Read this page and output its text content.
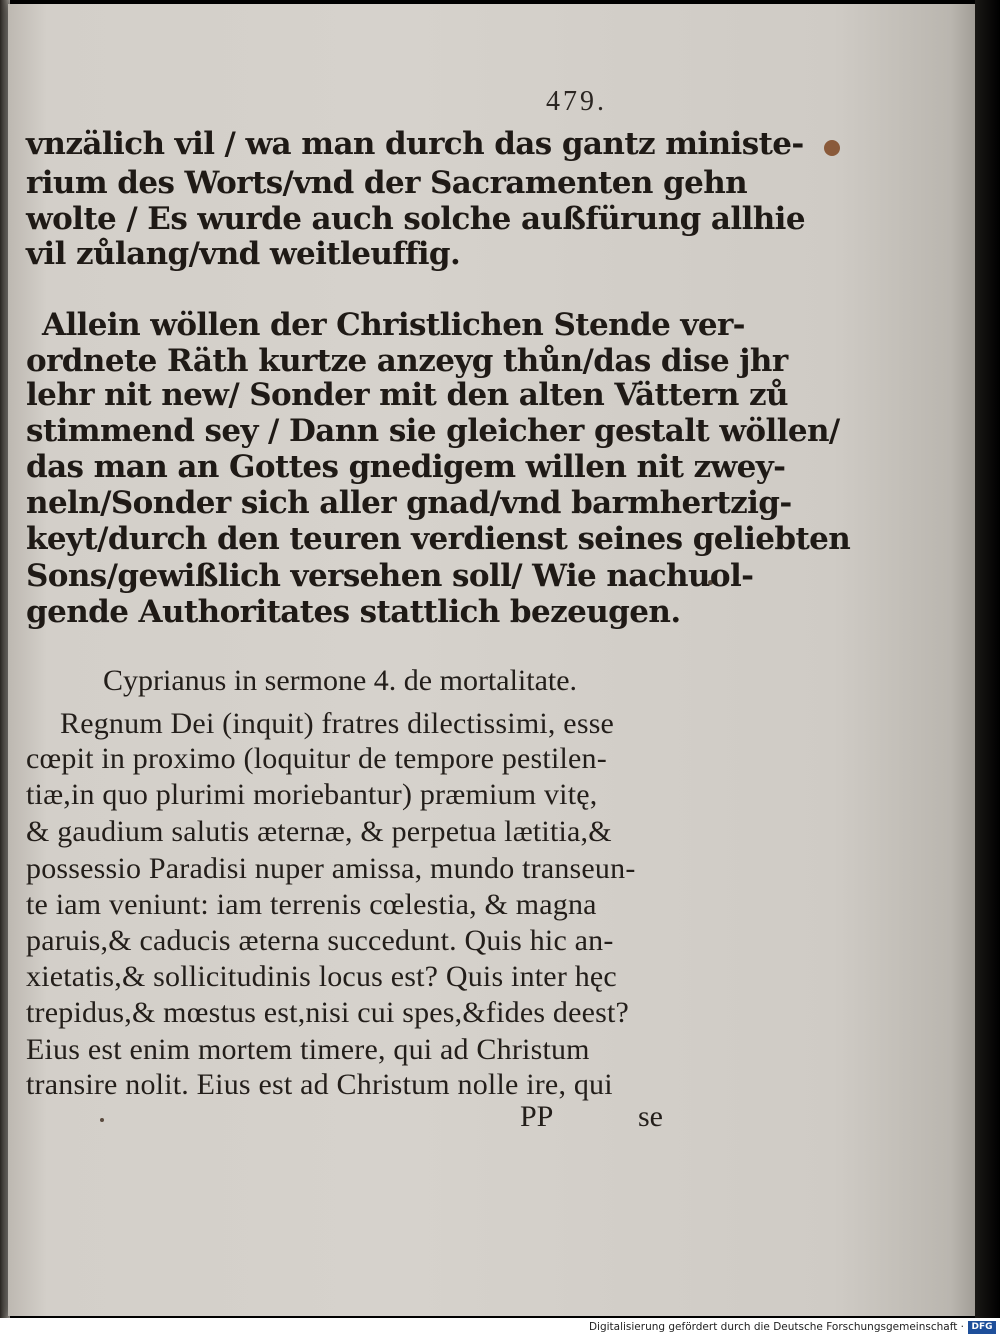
479.
vnzälich vil / wa man durch das gantz ministe-
rium des Worts/vnd der Sacramenten gehn
wolte / Es wurde auch solche außfürung allhie
vil zůlang/vnd weitleuffig.
Allein wöllen der Christlichen Stende ver-
ordnete Räth kurtze anzeyg thůn/das dise jhr
lehr nit new/ Sonder mit den alten Vättern zů
stimmend sey / Dann sie gleicher gestalt wöllen/
das man an Gottes gnedigem willen nit zwey-
neln/Sonder sich aller gnad/vnd barmhertzig-
keyt/durch den teuren verdienst seines geliebten
Sons/gewißlich versehen soll/ Wie nachuol-
gende Authoritates stattlich bezeugen.
Cyprianus in sermone 4. de mortalitate.
Regnum Dei (inquit) fratres dilectissimi, esse
cœpit in proximo (loquitur de tempore pestilen-
tiæ,in quo plurimi moriebantur) præmium vitę,
& gaudium salutis æternæ, & perpetua lætitia,&
possessio Paradisi nuper amissa, mundo transeun-
te iam veniunt: iam terrenis cœlestia, & magna
paruis,& caducis æterna succedunt. Quis hic an-
xietatis,& sollicitudinis locus est? Quis inter hęc
trepidus,& mœstus est,nisi cui spes,&fides deest?
Eius est enim mortem timere, qui ad Christum
transire nolit. Eius est ad Christum nolle ire, qui
PP	se
Digitalisierung gefördert durch die Deutsche Forschungsgemeinschaft · DFG
